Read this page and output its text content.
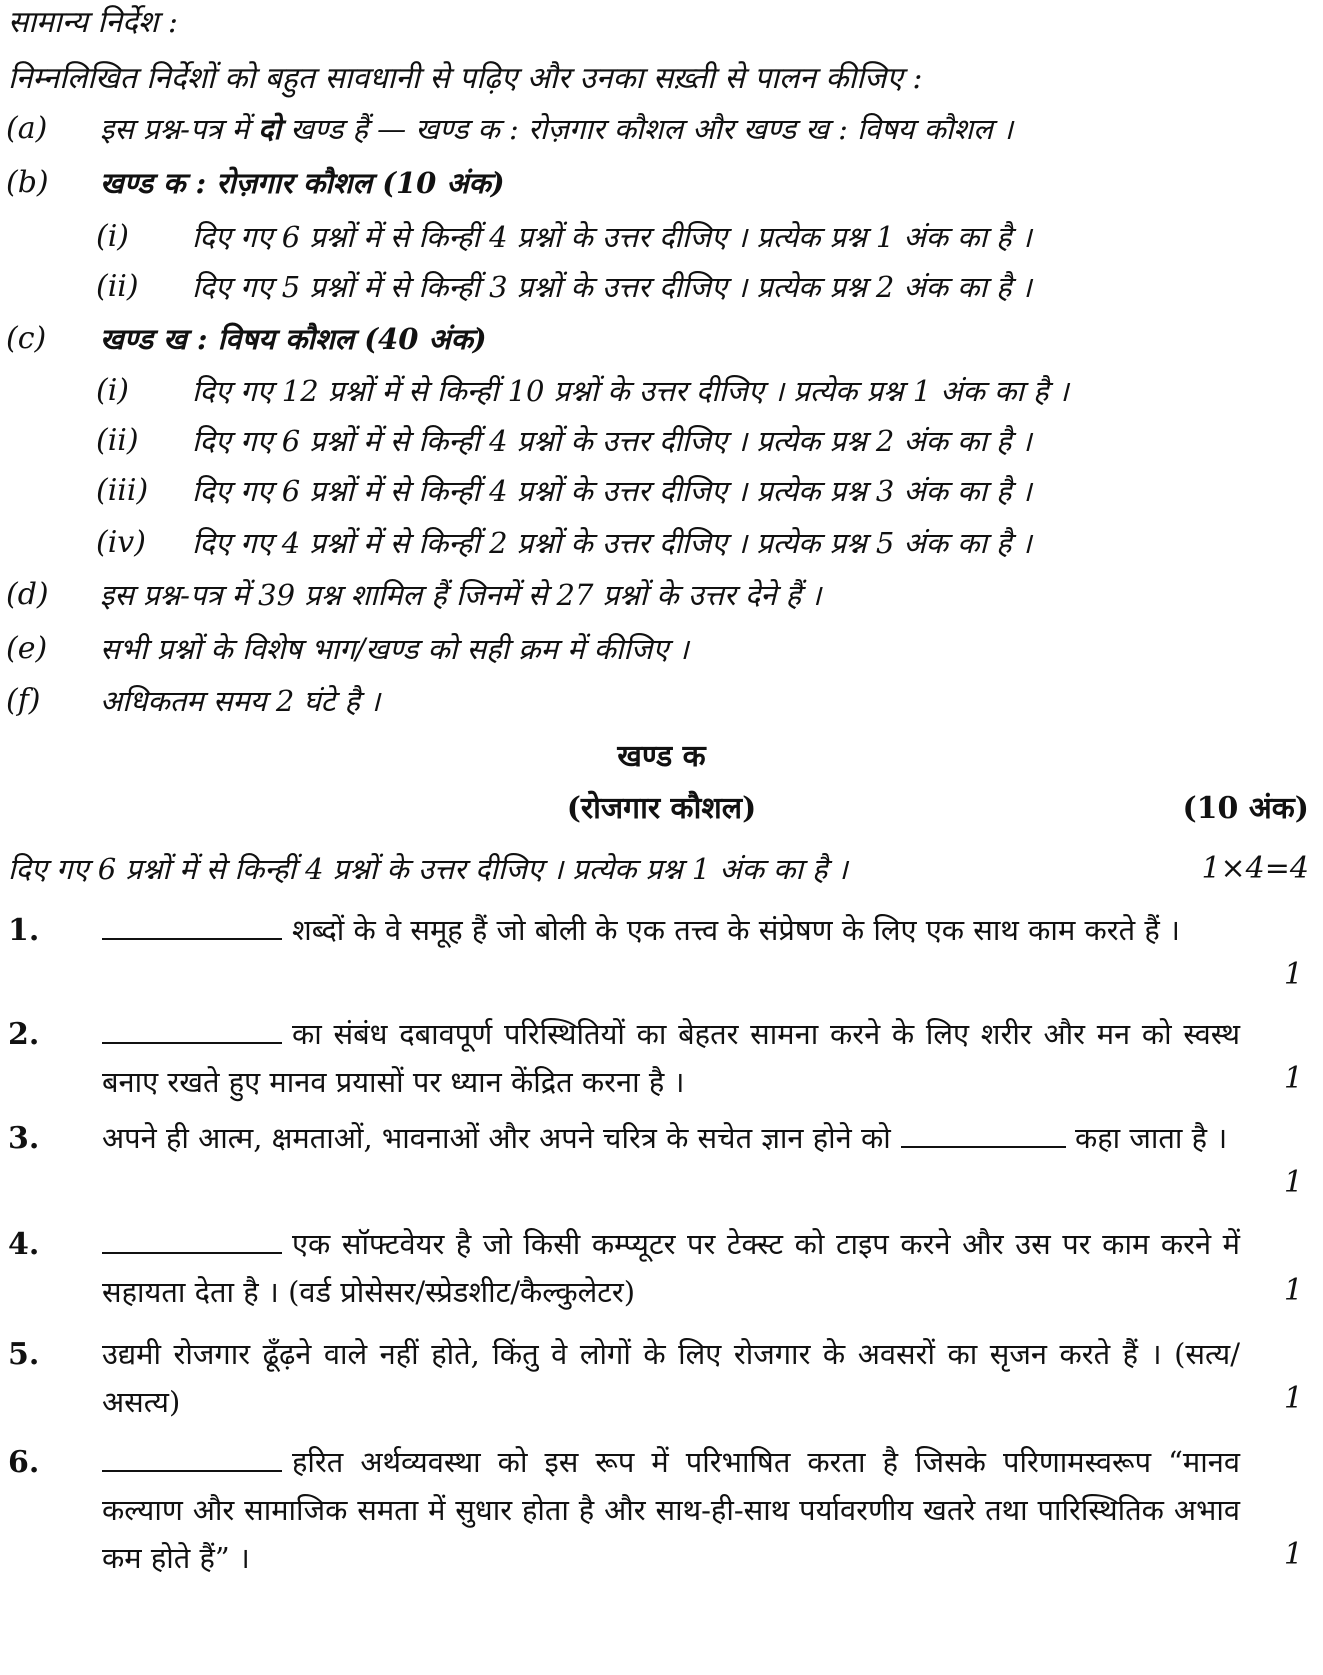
सामान्य निर्देश :
निम्नलिखित निर्देशों को बहुत सावधानी से पढ़िए और उनका सख़्ती से पालन कीजिए :
(a) इस प्रश्न-पत्र में दो खण्ड हैं — खण्ड क : रोज़गार कौशल और खण्ड ख : विषय कौशल ।
(b) खण्ड क : रोज़गार कौशल (10 अंक)
(i) दिए गए 6 प्रश्नों में से किन्हीं 4 प्रश्नों के उत्तर दीजिए । प्रत्येक प्रश्न 1 अंक का है ।
(ii) दिए गए 5 प्रश्नों में से किन्हीं 3 प्रश्नों के उत्तर दीजिए । प्रत्येक प्रश्न 2 अंक का है ।
(c) खण्ड ख : विषय कौशल (40 अंक)
(i) दिए गए 12 प्रश्नों में से किन्हीं 10 प्रश्नों के उत्तर दीजिए । प्रत्येक प्रश्न 1 अंक का है ।
(ii) दिए गए 6 प्रश्नों में से किन्हीं 4 प्रश्नों के उत्तर दीजिए । प्रत्येक प्रश्न 2 अंक का है ।
(iii) दिए गए 6 प्रश्नों में से किन्हीं 4 प्रश्नों के उत्तर दीजिए । प्रत्येक प्रश्न 3 अंक का है ।
(iv) दिए गए 4 प्रश्नों में से किन्हीं 2 प्रश्नों के उत्तर दीजिए । प्रत्येक प्रश्न 5 अंक का है ।
(d) इस प्रश्न-पत्र में 39 प्रश्न शामिल हैं जिनमें से 27 प्रश्नों के उत्तर देने हैं ।
(e) सभी प्रश्नों के विशेष भाग/खण्ड को सही क्रम में कीजिए ।
(f) अधिकतम समय 2 घंटे है ।
खण्ड क
(रोजगार कौशल)	(10 अंक)
दिए गए 6 प्रश्नों में से किन्हीं 4 प्रश्नों के उत्तर दीजिए । प्रत्येक प्रश्न 1 अंक का है ।	1×4=4
1.	शब्दों के वे समूह हैं जो बोली के एक तत्त्व के संप्रेषण के लिए एक साथ काम करते हैं ।
1
2.	का संबंध दबावपूर्ण परिस्थितियों का बेहतर सामना करने के लिए शरीर और मन को स्वस्थ बनाए रखते हुए मानव प्रयासों पर ध्यान केंद्रित करना है ।	1
3. अपने ही आत्म, क्षमताओं, भावनाओं और अपने चरित्र के सचेत ज्ञान होने को	कहा जाता है ।
1
4.	एक सॉफ्टवेयर है जो किसी कम्प्यूटर पर टेक्स्ट को टाइप करने और उस पर काम करने में सहायता देता है । (वर्ड प्रोसेसर/स्प्रेडशीट/कैल्कुलेटर)	1
5. उद्यमी रोजगार ढूँढ़ने वाले नहीं होते, किंतु वे लोगों के लिए रोजगार के अवसरों का सृजन करते हैं । (सत्य/असत्य)	1
6.	हरित अर्थव्यवस्था को इस रूप में परिभाषित करता है जिसके परिणामस्वरूप “मानव कल्याण और सामाजिक समता में सुधार होता है और साथ-ही-साथ पर्यावरणीय खतरे तथा पारिस्थितिक अभाव कम होते हैं” ।	1
